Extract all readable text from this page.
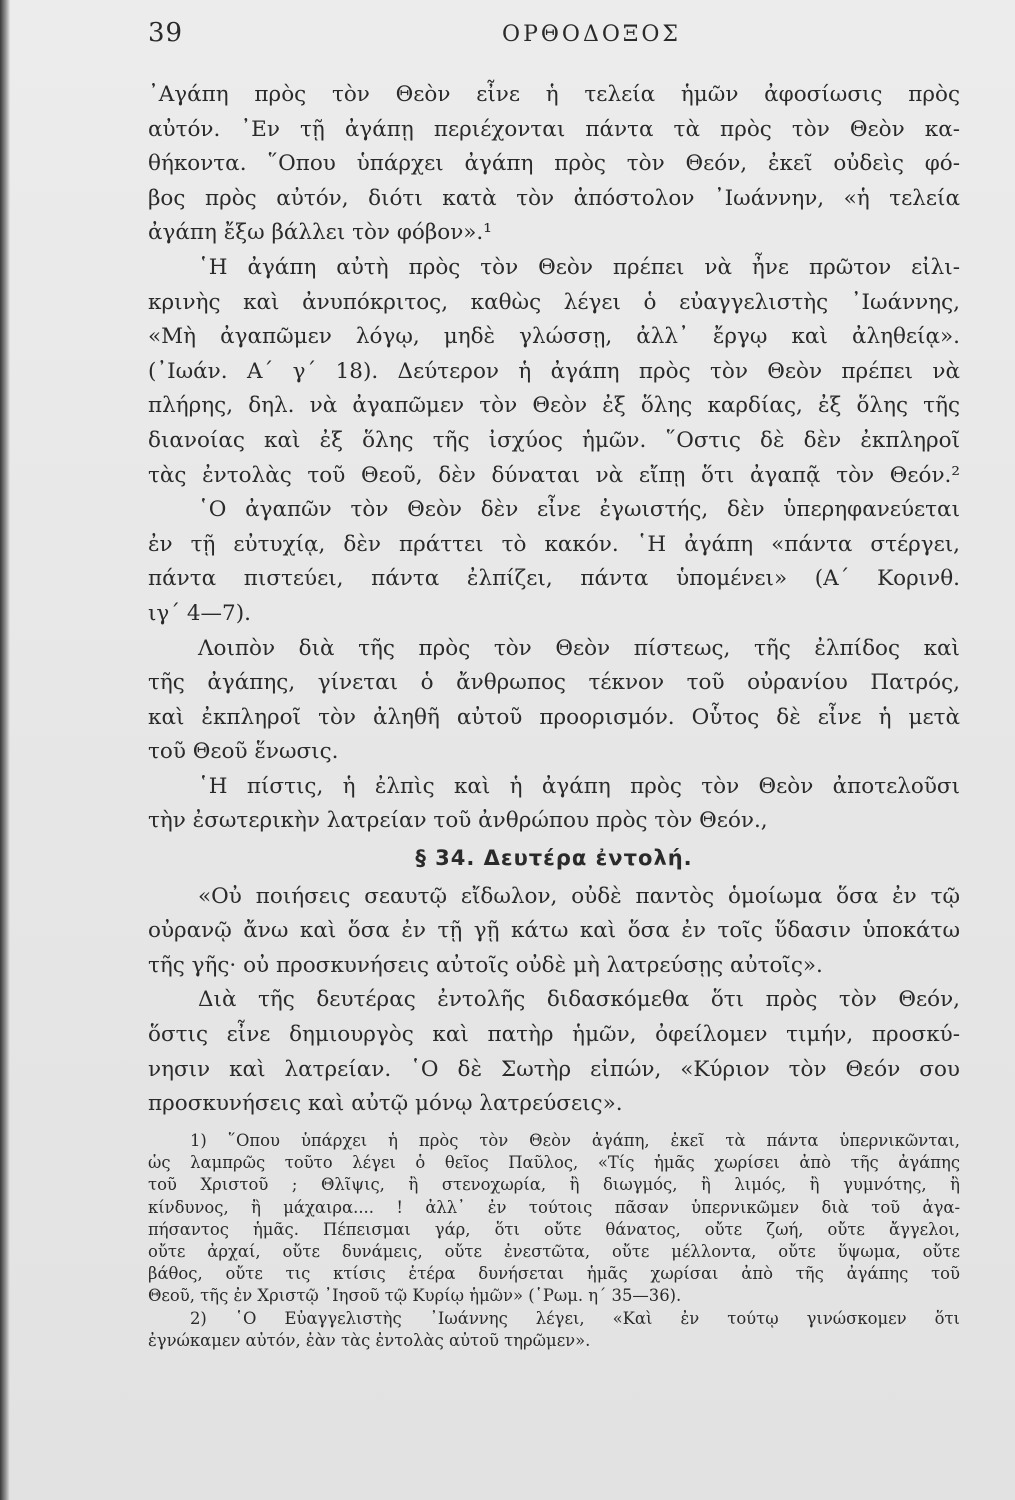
39	ΟΡΘΟΔΟΞΟΣ
᾿Αγάπη πρὸς τὸν Θεὸν εἶνε ἡ τελεία ἡμῶν ἀφοσίωσις πρὸς
αὐτόν. ᾿Εν τῇ ἀγάπῃ περιέχονται πάντα τὰ πρὸς τὸν Θεὸν κα-
θήκοντα. ῞Οπου ὑπάρχει ἀγάπη πρὸς τὸν Θεόν, ἐκεῖ οὐδεὶς φό-
βος πρὸς αὐτόν, διότι κατὰ τὸν ἀπόστολον ᾿Ιωάννην, «ἡ τελεία
ἀγάπη ἔξω βάλλει τὸν φόβον».¹
῾Η ἀγάπη αὐτὴ πρὸς τὸν Θεὸν πρέπει νὰ ἦνε πρῶτον εἰλι-
κρινὴς καὶ ἀνυπόκριτος, καθὼς λέγει ὁ εὐαγγελιστὴς ᾿Ιωάννης,
«Μὴ ἀγαπῶμεν λόγῳ, μηδὲ γλώσσῃ, ἀλλ᾿ ἔργῳ καὶ ἀληθείᾳ».
(᾿Ιωάν. Α΄ γ΄ 18). Δεύτερον ἡ ἀγάπη πρὸς τὸν Θεὸν πρέπει νὰ
πλήρης, δηλ. νὰ ἀγαπῶμεν τὸν Θεὸν ἐξ ὅλης καρδίας, ἐξ ὅλης τῆς
διανοίας καὶ ἐξ ὅλης τῆς ἰσχύος ἡμῶν. ῞Οστις δὲ δὲν ἐκπληροῖ
τὰς ἐντολὰς τοῦ Θεοῦ, δὲν δύναται νὰ εἴπῃ ὅτι ἀγαπᾷ τὸν Θεόν.²
῾Ο ἀγαπῶν τὸν Θεὸν δὲν εἶνε ἐγωιστής, δὲν ὑπερηφανεύεται
ἐν τῇ εὐτυχίᾳ, δὲν πράττει τὸ κακόν. ῾Η ἀγάπη «πάντα στέργει,
πάντα πιστεύει, πάντα ἐλπίζει, πάντα ὑπομένει» (Α΄ Κορινθ.
ιγ΄ 4—7).
Λοιπὸν διὰ τῆς πρὸς τὸν Θεὸν πίστεως, τῆς ἐλπίδος καὶ
τῆς ἀγάπης, γίνεται ὁ ἄνθρωπος τέκνον τοῦ οὐρανίου Πατρός,
καὶ ἐκπληροῖ τὸν ἀληθῆ αὐτοῦ προορισμόν. Οὗτος δὲ εἶνε ἡ μετὰ
τοῦ Θεοῦ ἕνωσις.
῾Η πίστις, ἡ ἐλπὶς καὶ ἡ ἀγάπη πρὸς τὸν Θεὸν ἀποτελοῦσι
τὴν ἐσωτερικὴν λατρείαν τοῦ ἀνθρώπου πρὸς τὸν Θεόν.,
§ 34. Δευτέρα ἐντολή.
«Οὐ ποιήσεις σεαυτῷ εἴδωλον, οὐδὲ παντὸς ὁμοίωμα ὅσα ἐν τῷ
οὐρανῷ ἄνω καὶ ὅσα ἐν τῇ γῇ κάτω καὶ ὅσα ἐν τοῖς ὕδασιν ὑποκάτω
τῆς γῆς· οὐ προσκυνήσεις αὐτοῖς οὐδὲ μὴ λατρεύσῃς αὐτοῖς».
Διὰ τῆς δευτέρας ἐντολῆς διδασκόμεθα ὅτι πρὸς τὸν Θεόν,
ὅστις εἶνε δημιουργὸς καὶ πατὴρ ἡμῶν, ὀφείλομεν τιμήν, προσκύ-
νησιν καὶ λατρείαν. ῾Ο δὲ Σωτὴρ εἰπών, «Κύριον τὸν Θεόν σου
προσκυνήσεις καὶ αὐτῷ μόνῳ λατρεύσεις».
1) ῞Οπου ὑπάρχει ἡ πρὸς τὸν Θεὸν ἀγάπη, ἐκεῖ τὰ πάντα ὑπερνικῶνται,
ὡς λαμπρῶς τοῦτο λέγει ὁ θεῖος Παῦλος, «Τίς ἡμᾶς χωρίσει ἀπὸ τῆς ἀγάπης
τοῦ Χριστοῦ ; Θλῖψις, ἢ στενοχωρία, ἢ διωγμός, ἢ λιμός, ἢ γυμνότης, ἢ
κίνδυνος, ἢ μάχαιρα.... ! ἀλλ᾿ ἐν τούτοις πᾶσαν ὑπερνικῶμεν διὰ τοῦ ἀγα-
πήσαντος ἡμᾶς. Πέπεισμαι γάρ, ὅτι οὔτε θάνατος, οὔτε ζωή, οὔτε ἄγγελοι,
οὔτε ἀρχαί, οὔτε δυνάμεις, οὔτε ἐνεστῶτα, οὔτε μέλλοντα, οὔτε ὕψωμα, οὔτε
βάθος, οὔτε τις κτίσις ἑτέρα δυνήσεται ἡμᾶς χωρίσαι ἀπὸ τῆς ἀγάπης τοῦ
Θεοῦ, τῆς ἐν Χριστῷ ᾿Ιησοῦ τῷ Κυρίῳ ἡμῶν» (῾Ρωμ. η΄ 35—36).
2) ῾Ο Εὐαγγελιστὴς ᾿Ιωάννης λέγει, «Καὶ ἐν τούτῳ γινώσκομεν ὅτι
ἐγνώκαμεν αὐτόν, ἐὰν τὰς ἐντολὰς αὐτοῦ τηρῶμεν».
